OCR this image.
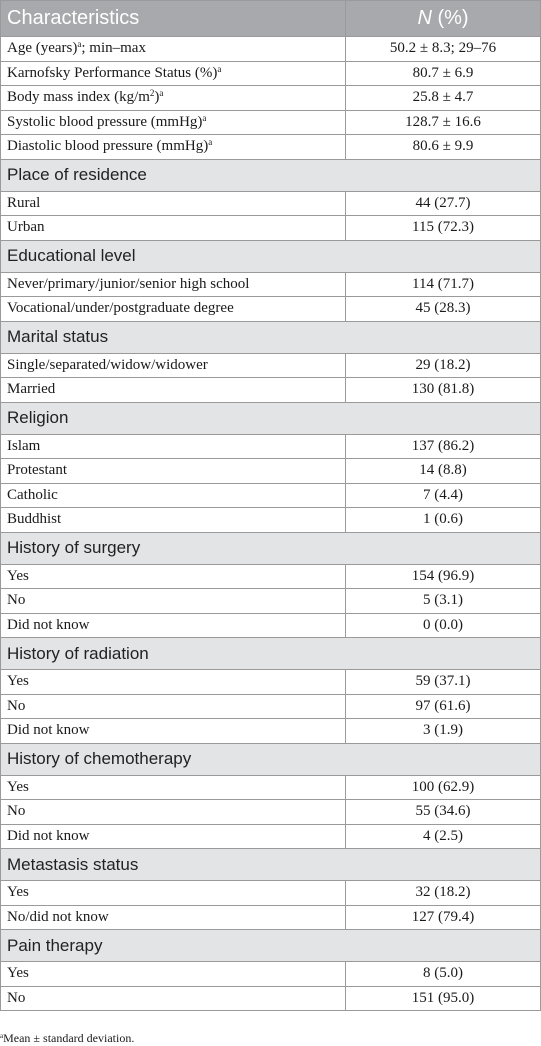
Characteristics	N (%)
Age (years)$^a$; min–max	50.2 ± 8.3; 29–76
Karnofsky Performance Status (%)$^a$	80.7 ± 6.9
Body mass index $(kg/m^2)^a$	25.8 ± 4.7
Systolic blood pressure (mmHg)$^a$	128.7 ± 16.6
Diastolic blood pressure (mmHg)$^a$	80.6 ± 9.9
Place of residence	
Rural	44 (27.7)
Urban	115 (72.3)
Educational level	
Never/primary/junior/senior high school	114 (71.7)
Vocational/under/postgraduate degree	45 (28.3)
Marital status	
Single/separated/widow/widower	29 (18.2)
Married	130 (81.8)
Religion	
Islam	137 (86.2)
Protestant	14 (8.8)
Catholic	7 (4.4)
Buddhist	1 (0.6)
History of surgery	
Yes	154 (96.9)
No	5 (3.1)
Did not know	0 (0.0)
History of radiation	
Yes	59 (37.1)
No	97 (61.6)
Did not know	3 (1.9)
History of chemotherapy	
Yes	100 (62.9)
No	55 (34.6)
Did not know	4 (2.5)
Metastasis status	
Yes	32 (18.2)
No/did not know	127 (79.4)
Pain therapy	
Yes	8 (5.0)
No	151 (95.0)
$^a$Mean ± standard deviation.
